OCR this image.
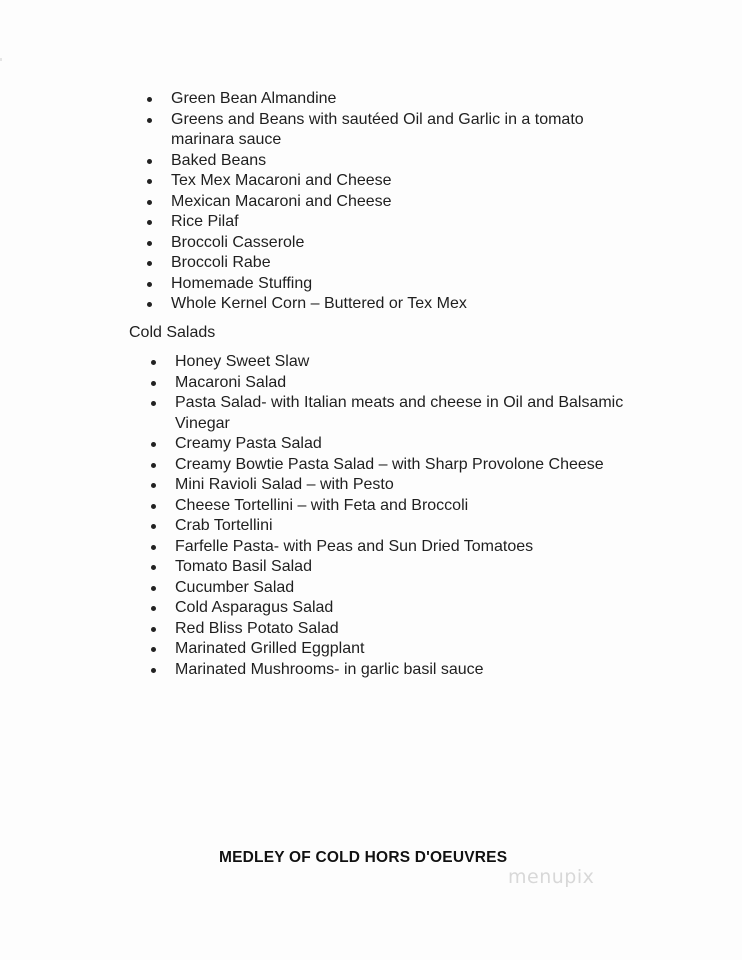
Green Bean Almandine
Greens and Beans with sautéed Oil and Garlic in a tomato marinara sauce
Baked Beans
Tex Mex Macaroni and Cheese
Mexican Macaroni and Cheese
Rice Pilaf
Broccoli Casserole
Broccoli Rabe
Homemade Stuffing
Whole Kernel Corn – Buttered or Tex Mex
Cold Salads
Honey Sweet Slaw
Macaroni Salad
Pasta Salad- with Italian meats and cheese in Oil and Balsamic Vinegar
Creamy Pasta Salad
Creamy Bowtie Pasta Salad – with Sharp Provolone Cheese
Mini Ravioli Salad – with Pesto
Cheese Tortellini – with Feta and Broccoli
Crab Tortellini
Farfelle Pasta- with Peas and Sun Dried Tomatoes
Tomato Basil Salad
Cucumber Salad
Cold Asparagus Salad
Red Bliss Potato Salad
Marinated Grilled Eggplant
Marinated Mushrooms- in garlic basil sauce
MEDLEY OF COLD HORS D'OEUVRES
menupix
